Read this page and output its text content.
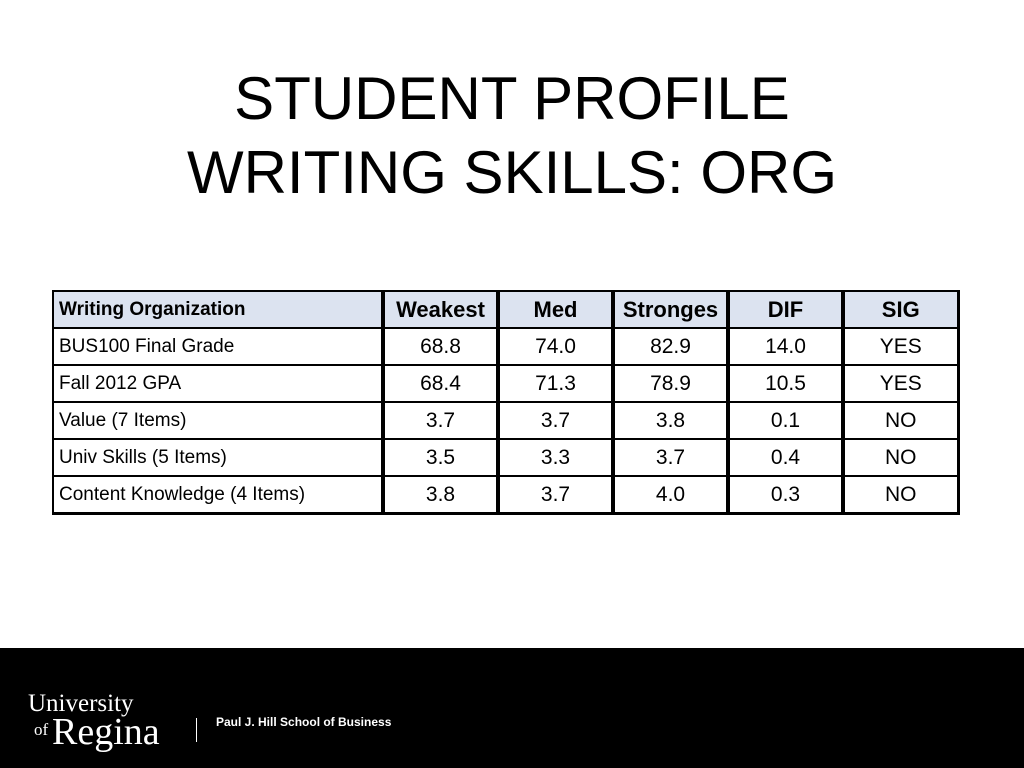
STUDENT PROFILE
WRITING SKILLS: ORG
Writing Organization	Weakest	Med	Stronges	DIF	SIG
BUS100 Final Grade	68.8	74.0	82.9	14.0	YES
Fall 2012 GPA	68.4	71.3	78.9	10.5	YES
Value (7 Items)	3.7	3.7	3.8	0.1	NO
Univ Skills (5 Items)	3.5	3.3	3.7	0.4	NO
Content Knowledge (4 Items)	3.8	3.7	4.0	0.3	NO
University
of Regina	Paul J. Hill School of Business
